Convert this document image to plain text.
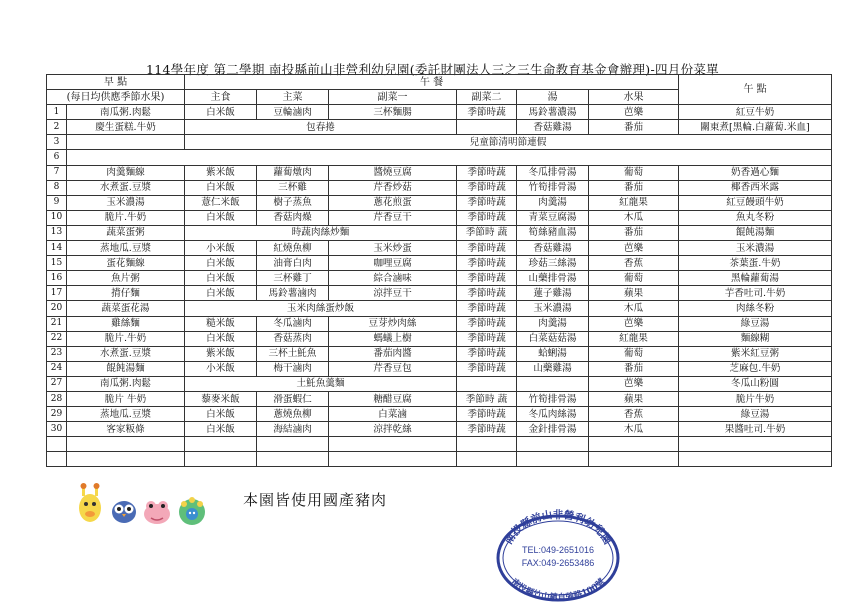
114學年度 第二學期 南投縣前山非營利幼兒園(委託財團法人三之三生命教育基金會辦理)-四月份菜單
早 點		午 餐						午 點
(每日均供應季節水果)		主食	主菜	副菜一	副菜二	湯	水果	
1	南瓜粥.肉鬆	白米飯	豆輪滷肉	三杯麵腸	季節時蔬	馬鈴薯濃湯	芭樂	紅豆牛奶
2	慶生蛋糕.牛奶	包春捲				香菇雞湯	番茄	關東煮[黑輪.白蘿蔔.米血]
3		兒童節清明節連假						
6								
7	肉羹麵線	紫米飯	蘿蔔燉肉	醬燒豆腐	季節時蔬	冬瓜排骨湯	葡萄	奶香過心麵
8	水煮蛋.豆漿	白米飯	三杯雞	芹香炒菇	季節時蔬	竹筍排骨湯	番茄	椰香西米露
9	玉米濃湯	薏仁米飯	樹子蒸魚	蔥花煎蛋	季節時蔬	肉羹湯	紅龍果	紅豆饅頭牛奶
10	脆片.牛奶	白米飯	香菇肉燥	芹香豆干	季節時蔬	青菜豆腐湯	木瓜	魚丸冬粉
13	蔬菜蛋粥	時蔬肉絲炒麵			季節時 蔬	筍絲豬血湯	番茄	餛飩湯麵
14	蒸地瓜.豆漿	小米飯	紅燒魚柳	玉米炒蛋	季節時蔬	香菇雞湯	芭樂	玉米濃湯
15	蛋花麵線	白米飯	油膏白肉	咖哩豆腐	季節時蔬	珍菇三絲湯	香蕉	茶葉蛋.牛奶
16	魚片粥	白米飯	三杯雞丁	綜合滷味	季節時蔬	山藥排骨湯	葡萄	黑輪蘿蔔湯
17	揹仔麵	白米飯	馬鈴薯滷肉	涼拌豆干	季節時蔬	蓮子雞湯	蘋果	芋香吐司.牛奶
20	蔬菜蛋花湯	玉米肉絲蛋炒飯			季節時蔬	玉米濃湯	木瓜	肉絲冬粉
21	雞絲麵	糙米飯	冬瓜滷肉	豆芽炒肉絲	季節時蔬	肉羹湯	芭樂	綠豆湯
22	脆片.牛奶	白米飯	香菇蒸肉	螞蟻上樹	季節時蔬	白菜菇菇湯	紅龍果	麵線糊
23	水煮蛋.豆漿	紫米飯	三杯土魠魚	番茄肉醬	季節時蔬	蛤蜊湯	葡萄	紫米紅豆粥
24	餛飩湯麵	小米飯	梅干滷肉	芹香豆包	季節時蔬	山藥雞湯	番茄	芝麻包.牛奶
27	南瓜粥.肉鬆	土魠魚羹麵					芭樂	冬瓜山粉圓
28	脆片 牛奶	藜麥米飯	滑蛋蝦仁	糖醋豆腐	季節時 蔬	竹筍排骨湯	蘋果	脆片牛奶
29	蒸地瓜.豆漿	白米飯	蔥燒魚柳	白菜滷	季節時蔬	冬瓜肉絲湯	香蕉	綠豆湯
30	客家粄條	白米飯	海結滷肉	涼拌乾絲	季節時蔬	金針排骨湯	木瓜	果醬吐司.牛奶

本園皆使用國產豬肉
南投縣前山非營利幼兒園
TEL:049-2651016
FAX:049-2653486
南投縣竹山鎮自強路100號
